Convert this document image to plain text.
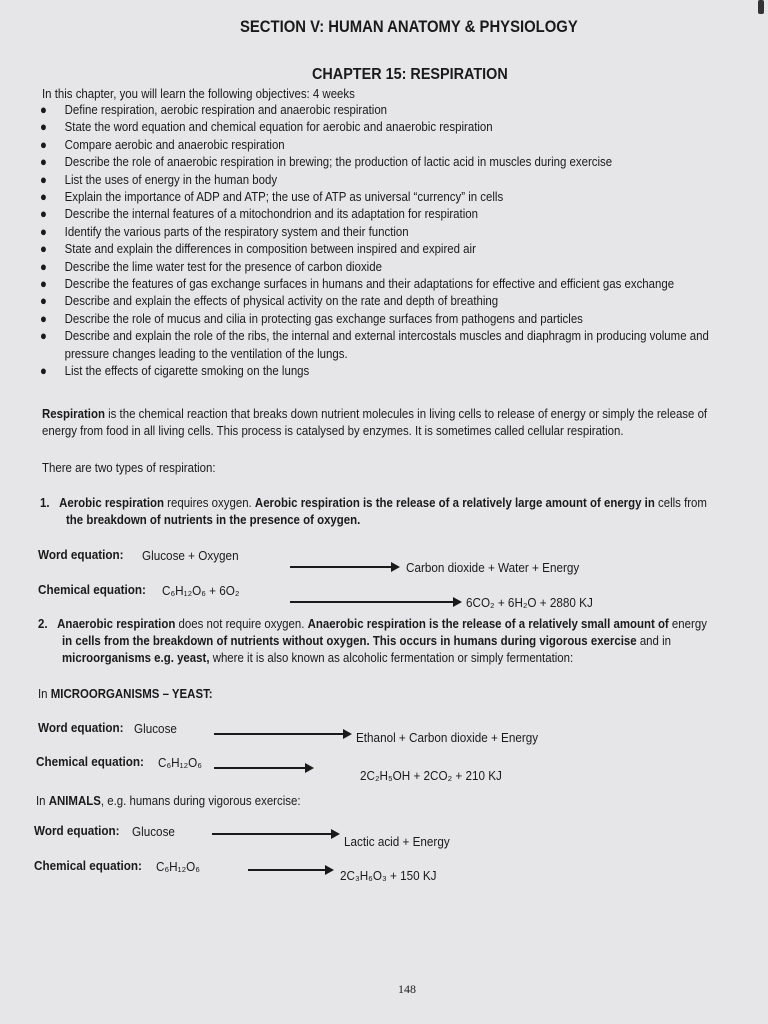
SECTION V: HUMAN ANATOMY & PHYSIOLOGY
CHAPTER 15: RESPIRATION
In this chapter, you will learn the following objectives: 4 weeks
● Define respiration, aerobic respiration and anaerobic respiration
● State the word equation and chemical equation for aerobic and anaerobic respiration
● Compare aerobic and anaerobic respiration
● Describe the role of anaerobic respiration in brewing; the production of lactic acid in muscles during exercise
● List the uses of energy in the human body
● Explain the importance of ADP and ATP; the use of ATP as universal “currency” in cells
● Describe the internal features of a mitochondrion and its adaptation for respiration
● Identify the various parts of the respiratory system and their function
● State and explain the differences in composition between inspired and expired air
● Describe the lime water test for the presence of carbon dioxide
● Describe the features of gas exchange surfaces in humans and their adaptations for effective and efficient gas exchange
● Describe and explain the effects of physical activity on the rate and depth of breathing
● Describe the role of mucus and cilia in protecting gas exchange surfaces from pathogens and particles
● Describe and explain the role of the ribs, the internal and external intercostals muscles and diaphragm in producing volume and
pressure changes leading to the ventilation of the lungs.
● List the effects of cigarette smoking on the lungs
Respiration is the chemical reaction that breaks down nutrient molecules in living cells to release of energy or simply the release of
energy from food in all living cells. This process is catalysed by enzymes. It is sometimes called cellular respiration.
There are two types of respiration:
1. Aerobic respiration requires oxygen. Aerobic respiration is the release of a relatively large amount of energy in cells from
the breakdown of nutrients in the presence of oxygen.
Word equation: Glucose + Oxygen
Carbon dioxide + Water + Energy
Chemical equation: C₆H₁₂O₆ + 6O₂
6CO₂ + 6H₂O + 2880 KJ
2. Anaerobic respiration does not require oxygen. Anaerobic respiration is the release of a relatively small amount of energy
in cells from the breakdown of nutrients without oxygen. This occurs in humans during vigorous exercise and in
microorganisms e.g. yeast, where it is also known as alcoholic fermentation or simply fermentation:
In MICROORGANISMS – YEAST:
Word equation: Glucose
Ethanol + Carbon dioxide + Energy
Chemical equation: C₆H₁₂O₆
2C₂H₅OH + 2CO₂ + 210 KJ
In ANIMALS, e.g. humans during vigorous exercise:
Word equation: Glucose
Lactic acid + Energy
Chemical equation: C₆H₁₂O₆
2C₃H₆O₃ + 150 KJ
148
